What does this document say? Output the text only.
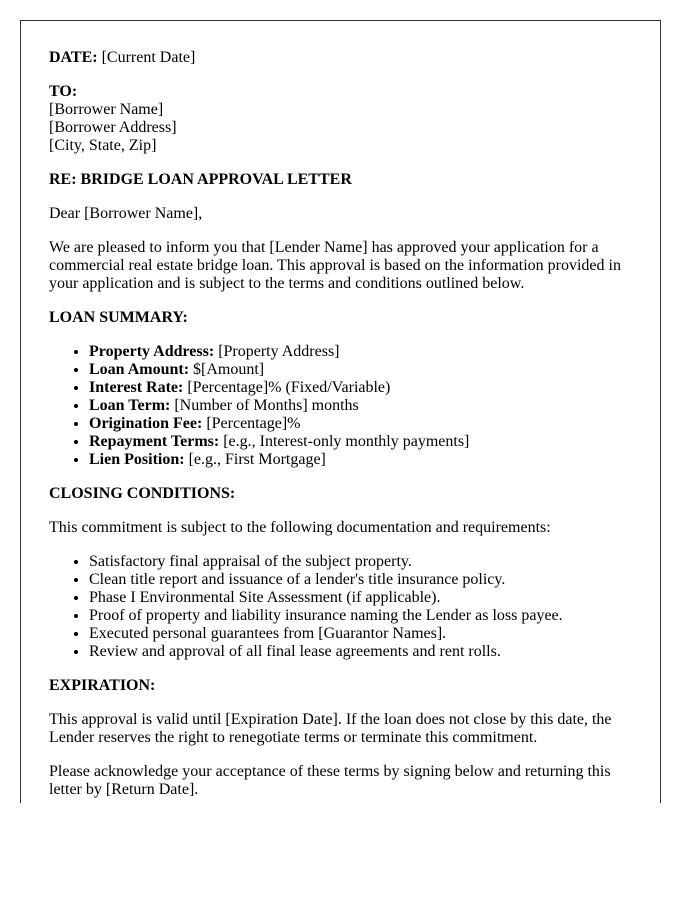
DATE: [Current Date]

TO:
[Borrower Name]
[Borrower Address]
[City, State, Zip]

RE: BRIDGE LOAN APPROVAL LETTER

Dear [Borrower Name],

We are pleased to inform you that [Lender Name] has approved your application for a commercial real estate bridge loan. This approval is based on the information provided in your application and is subject to the terms and conditions outlined below.

LOAN SUMMARY:

• Property Address: [Property Address]
• Loan Amount: $[Amount]
• Interest Rate: [Percentage]% (Fixed/Variable)
• Loan Term: [Number of Months] months
• Origination Fee: [Percentage]%
• Repayment Terms: [e.g., Interest-only monthly payments]
• Lien Position: [e.g., First Mortgage]

CLOSING CONDITIONS:

This commitment is subject to the following documentation and requirements:

• Satisfactory final appraisal of the subject property.
• Clean title report and issuance of a lender's title insurance policy.
• Phase I Environmental Site Assessment (if applicable).
• Proof of property and liability insurance naming the Lender as loss payee.
• Executed personal guarantees from [Guarantor Names].
• Review and approval of all final lease agreements and rent rolls.

EXPIRATION:

This approval is valid until [Expiration Date]. If the loan does not close by this date, the Lender reserves the right to renegotiate terms or terminate this commitment.

Please acknowledge your acceptance of these terms by signing below and returning this letter by [Return Date].
